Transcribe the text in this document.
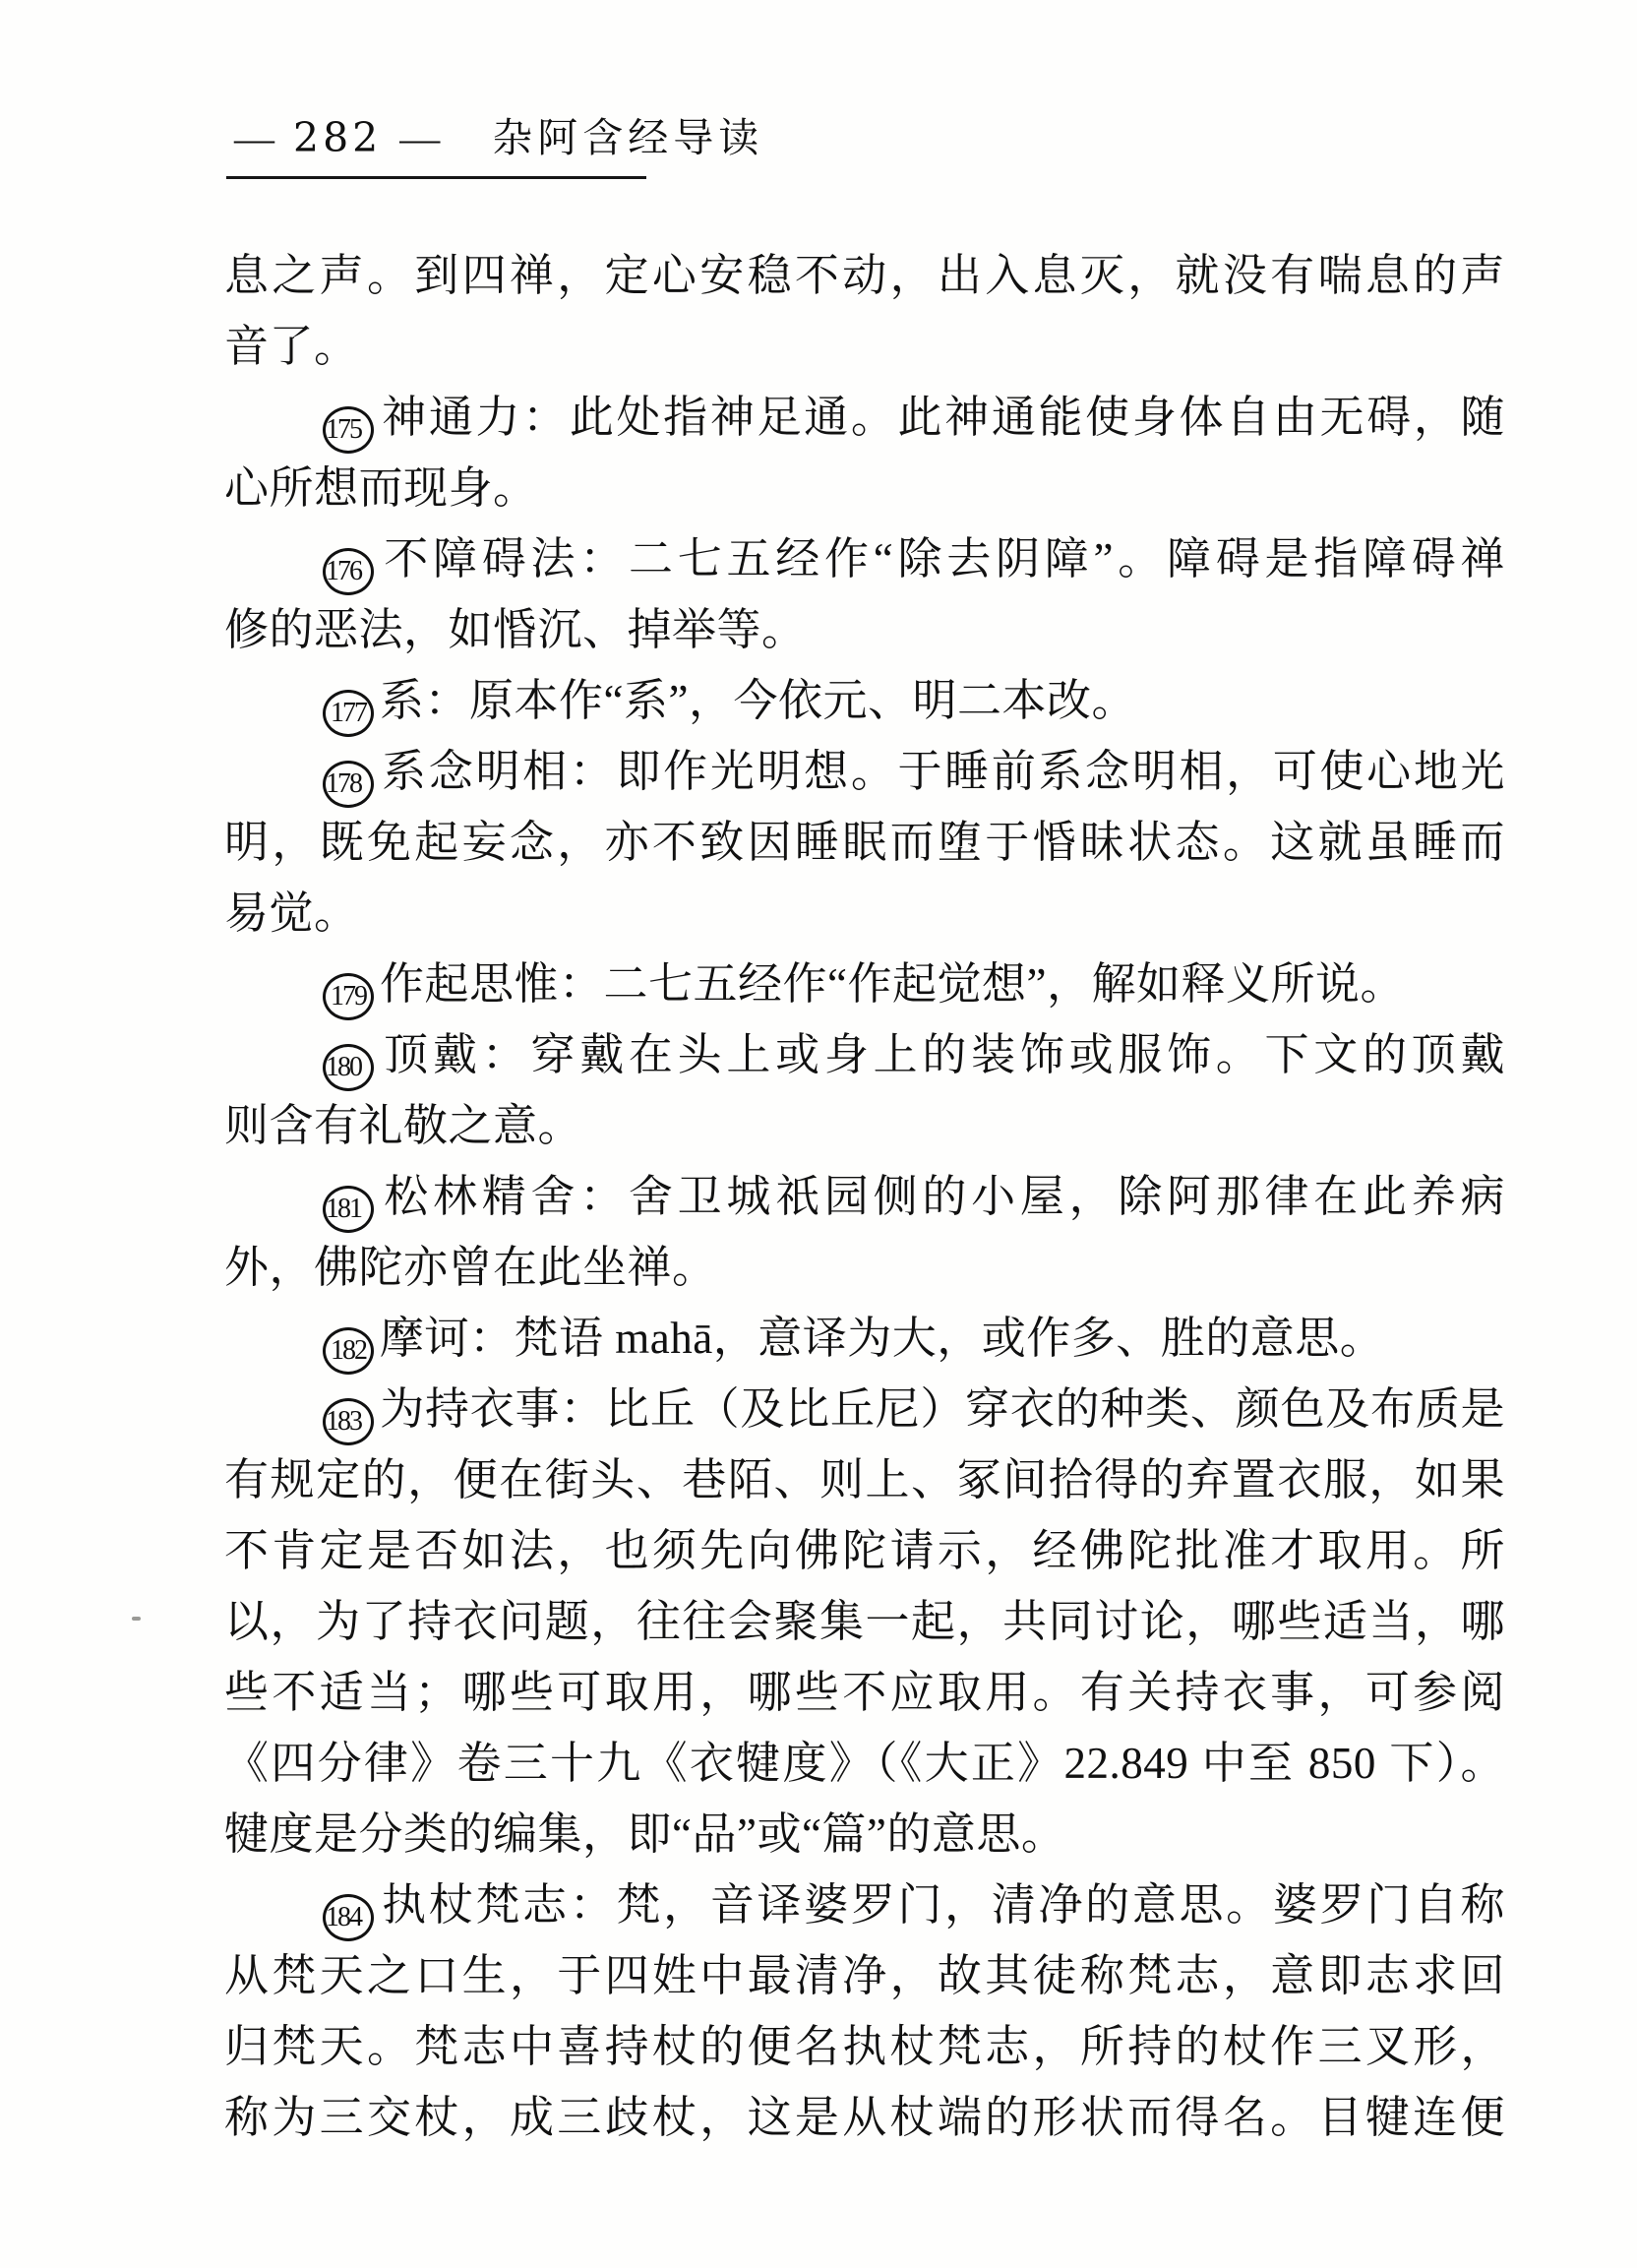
— 282 — 杂阿含经导读
息之声。到四禅，定心安稳不动，出入息灭，就没有喘息的声
音了。
175 神通力：此处指神足通。此神通能使身体自由无碍，随
心所想而现身。
176 不障碍法：二七五经作“除去阴障”。障碍是指障碍禅
修的恶法，如惛沉、掉举等。
177 系：原本作“系”，今依元、明二本改。
178 系念明相：即作光明想。于睡前系念明相，可使心地光
明，既免起妄念，亦不致因睡眠而堕于惛昧状态。这就虽睡而
易觉。
179 作起思惟：二七五经作“作起觉想”，解如释义所说。
180 顶戴：穿戴在头上或身上的装饰或服饰。下文的顶戴
则含有礼敬之意。
181 松林精舍：舍卫城祇园侧的小屋，除阿那律在此养病
外，佛陀亦曾在此坐禅。
182 摩诃：梵语 mahā，意译为大，或作多、胜的意思。
183 为持衣事：比丘（及比丘尼）穿衣的种类、颜色及布质是
有规定的，便在街头、巷陌、则上、冢间拾得的弃置衣服，如果
不肯定是否如法，也须先向佛陀请示，经佛陀批准才取用。所
以，为了持衣问题，往往会聚集一起，共同讨论，哪些适当，哪
些不适当；哪些可取用，哪些不应取用。有关持衣事，可参阅
《四分律》卷三十九《衣犍度》（《大正》22.849 中至 850 下）。
犍度是分类的编集，即“品”或“篇”的意思。
184 执杖梵志：梵，音译婆罗门，清净的意思。婆罗门自称
从梵天之口生，于四姓中最清净，故其徒称梵志，意即志求回
归梵天。梵志中喜持杖的便名执杖梵志，所持的杖作三叉形，
称为三交杖，成三歧杖，这是从杖端的形状而得名。目犍连便
